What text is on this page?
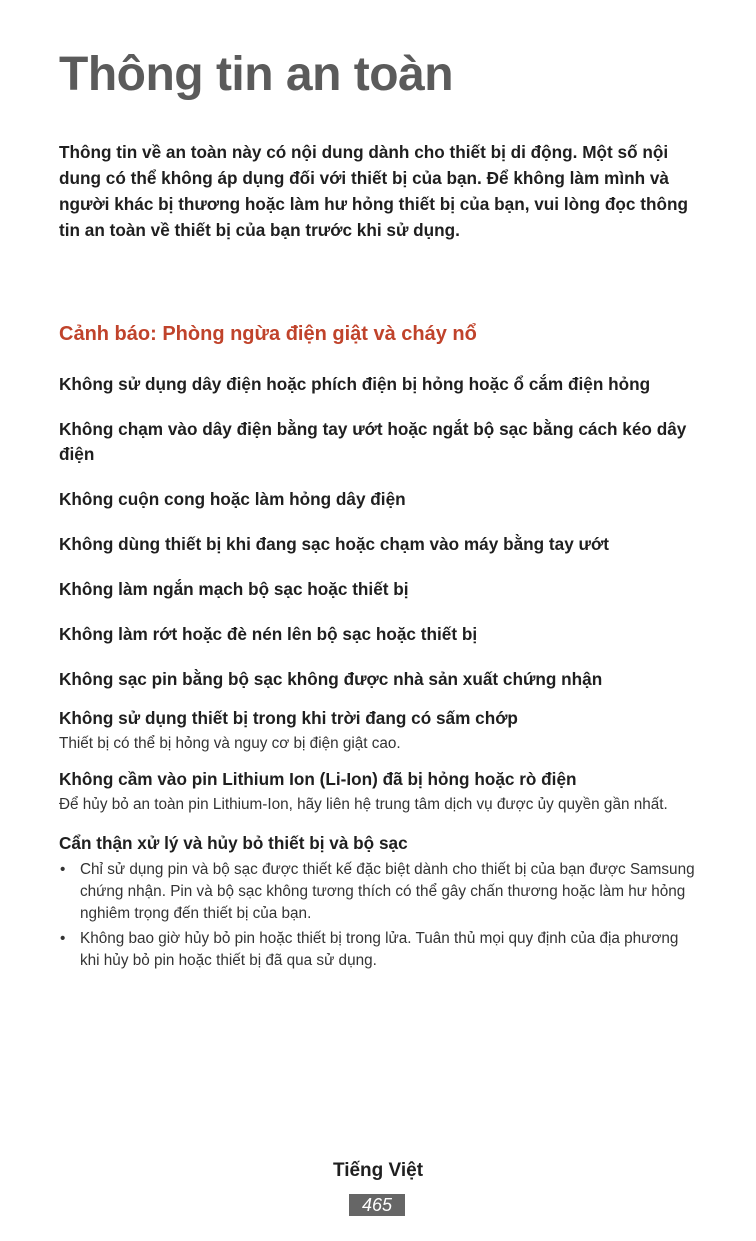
Thông tin an toàn
Thông tin về an toàn này có nội dung dành cho thiết bị di động. Một số nội dung có thể không áp dụng đối với thiết bị của bạn. Để không làm mình và người khác bị thương hoặc làm hư hỏng thiết bị của bạn, vui lòng đọc thông tin an toàn về thiết bị của bạn trước khi sử dụng.
Cảnh báo: Phòng ngừa điện giật và cháy nổ
Không sử dụng dây điện hoặc phích điện bị hỏng hoặc ổ cắm điện hỏng
Không chạm vào dây điện bằng tay ướt hoặc ngắt bộ sạc bằng cách kéo dây điện
Không cuộn cong hoặc làm hỏng dây điện
Không dùng thiết bị khi đang sạc hoặc chạm vào máy bằng tay ướt
Không làm ngắn mạch bộ sạc hoặc thiết bị
Không làm rớt hoặc đè nén lên bộ sạc hoặc thiết bị
Không sạc pin bằng bộ sạc không được nhà sản xuất chứng nhận
Không sử dụng thiết bị trong khi trời đang có sấm chớp
Thiết bị có thể bị hỏng và nguy cơ bị điện giật cao.
Không cầm vào pin Lithium Ion (Li-Ion) đã bị hỏng hoặc rò điện
Để hủy bỏ an toàn pin Lithium-Ion, hãy liên hệ trung tâm dịch vụ được ủy quyền gần nhất.
Cẩn thận xử lý và hủy bỏ thiết bị và bộ sạc
• Chỉ sử dụng pin và bộ sạc được thiết kế đặc biệt dành cho thiết bị của bạn được Samsung chứng nhận. Pin và bộ sạc không tương thích có thể gây chấn thương hoặc làm hư hỏng nghiêm trọng đến thiết bị của bạn.
• Không bao giờ hủy bỏ pin hoặc thiết bị trong lửa. Tuân thủ mọi quy định của địa phương khi hủy bỏ pin hoặc thiết bị đã qua sử dụng.
Tiếng Việt
465
